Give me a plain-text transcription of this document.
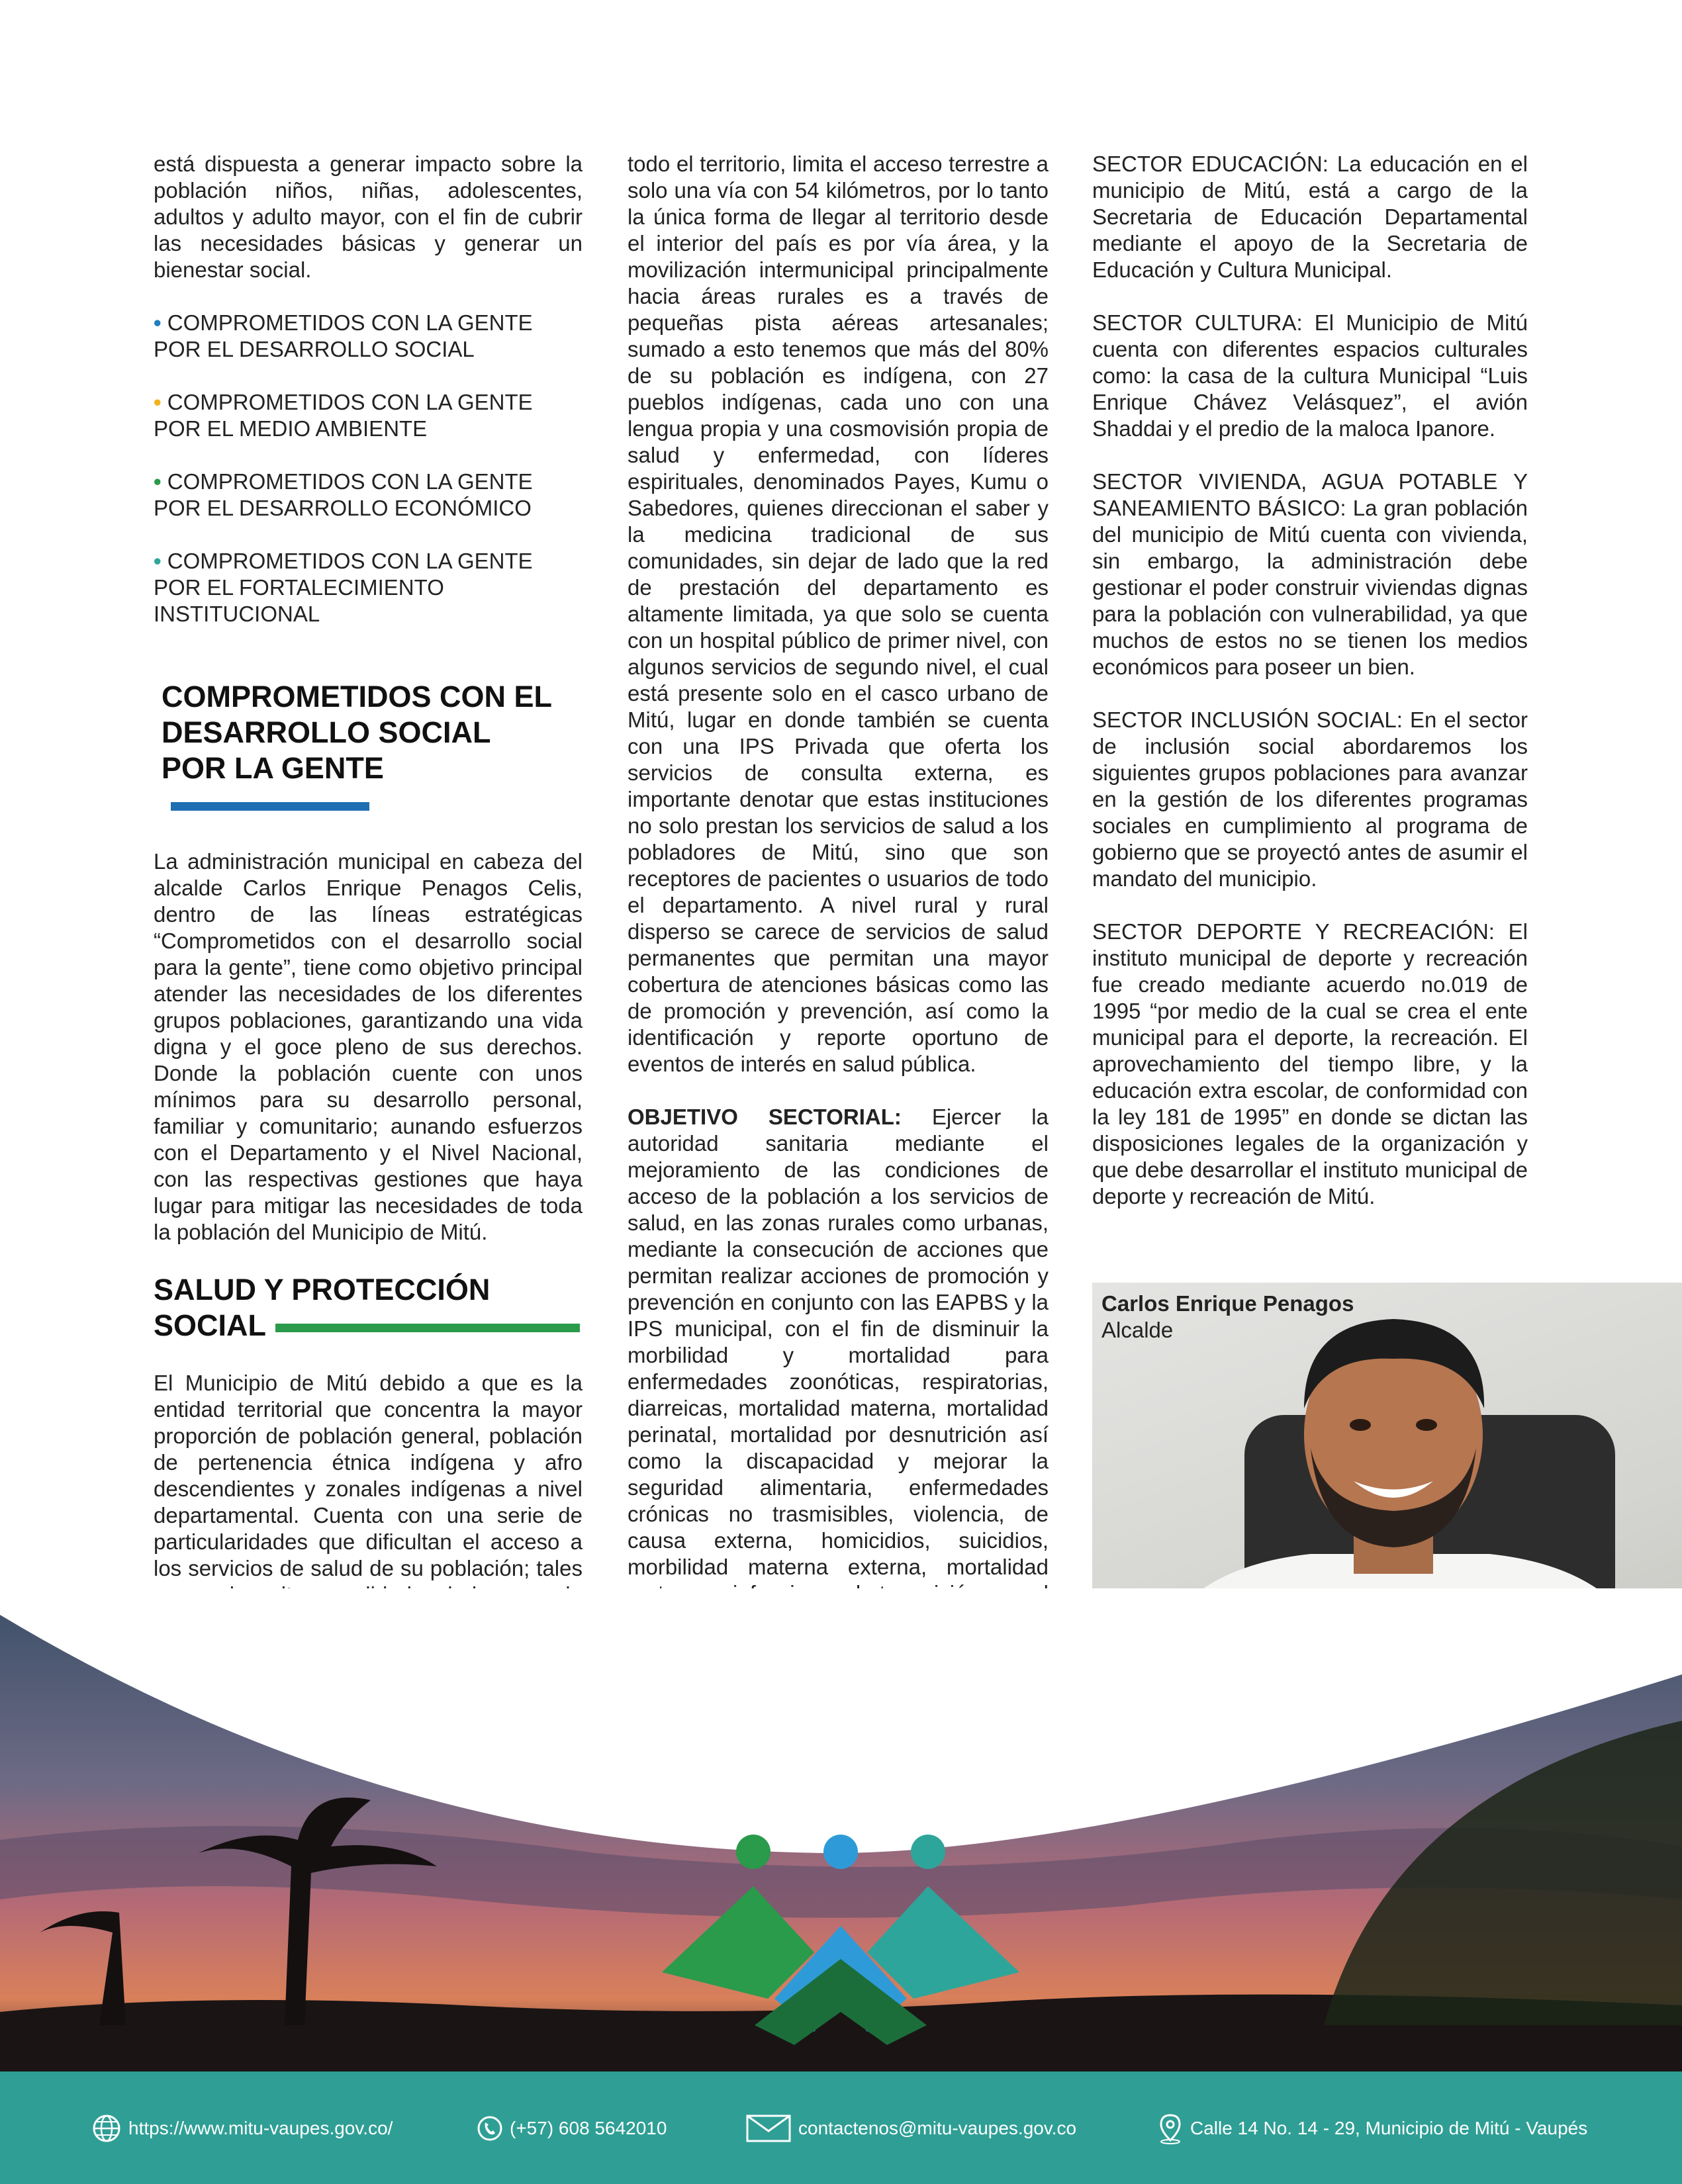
está dispuesta a generar impacto sobre la población niños, niñas, adolescentes, adultos y adulto mayor, con el fin de cubrir las necesidades básicas y generar un bienestar social.

• COMPROMETIDOS CON LA GENTE POR EL DESARROLLO SOCIAL
• COMPROMETIDOS CON LA GENTE POR EL MEDIO AMBIENTE
• COMPROMETIDOS CON LA GENTE POR EL DESARROLLO ECONÓMICO
• COMPROMETIDOS CON LA GENTE POR EL FORTALECIMIENTO INSTITUCIONAL
COMPROMETIDOS CON EL
DESARROLLO SOCIAL
POR LA GENTE

La administración municipal en cabeza del alcalde Carlos Enrique Penagos Celis, dentro de las líneas estratégicas “Comprometidos con el desarrollo social para la gente”, tiene como objetivo principal atender las necesidades de los diferentes grupos poblaciones, garantizando una vida digna y el goce pleno de sus derechos. Donde la población cuente con unos mínimos para su desarrollo personal, familiar y comunitario; aunando esfuerzos con el Departamento y el Nivel Nacional, con las respectivas gestiones que haya lugar para mitigar las necesidades de toda la población del Municipio de Mitú.

SALUD Y PROTECCIÓN
SOCIAL

El Municipio de Mitú debido a que es la entidad territorial que concentra la mayor proporción de población general, población de pertenencia étnica indígena y afro descendientes y zonales indígenas a nivel departamental. Cuenta con una serie de particularidades que dificultan el acceso a los servicios de salud de su población; tales

todo el territorio, limita el acceso terrestre a solo una vía con 54 kilómetros, por lo tanto la única forma de llegar al territorio desde el interior del país es por vía área, y la movilización intermunicipal principalmente hacia áreas rurales es a través de pequeñas pista aéreas artesanales; sumado a esto tenemos que más del 80% de su población es indígena, con 27 pueblos indígenas, cada uno con una lengua propia y una cosmovisión propia de salud y enfermedad, con líderes espirituales, denominados Payes, Kumu o Sabedores, quienes direccionan el saber y la medicina tradicional de sus comunidades, sin dejar de lado que la red de prestación del departamento es altamente limitada, ya que solo se cuenta con un hospital público de primer nivel, con algunos servicios de segundo nivel, el cual está presente solo en el casco urbano de Mitú, lugar en donde también se cuenta con una IPS Privada que oferta los servicios de consulta externa, es importante denotar que estas instituciones no solo prestan los servicios de salud a los pobladores de Mitú, sino que son receptores de pacientes o usuarios de todo el departamento. A nivel rural y rural disperso se carece de servicios de salud permanentes que permitan una mayor cobertura de atenciones básicas como las de promoción y prevención, así como la identificación y reporte oportuno de eventos de interés en salud pública.

OBJETIVO SECTORIAL: Ejercer la autoridad sanitaria mediante el mejoramiento de las condiciones de acceso de la población a los servicios de salud, en las zonas rurales como urbanas, mediante la consecución de acciones que permitan realizar acciones de promoción y prevención en conjunto con las EAPBS y la IPS municipal, con el fin de disminuir la morbilidad y mortalidad para enfermedades zoonóticas, respiratorias, diarreicas, mortalidad materna, mortalidad perinatal, mortalidad por desnutrición así como la discapacidad y mejorar la seguridad alimentaria, enfermedades crónicas no trasmisibles, violencia, de causa externa, homicidios, suicidios, morbilidad materna externa, mortalidad

SECTOR EDUCACIÓN: La educación en el municipio de Mitú, está a cargo de la Secretaria de Educación Departamental mediante el apoyo de la Secretaria de Educación y Cultura Municipal.

SECTOR CULTURA: El Municipio de Mitú cuenta con diferentes espacios culturales como: la casa de la cultura Municipal “Luis Enrique Chávez Velásquez”, el avión Shaddai y el predio de la maloca Ipanore.

SECTOR VIVIENDA, AGUA POTABLE Y SANEAMIENTO BÁSICO: La gran población del municipio de Mitú cuenta con vivienda, sin embargo, la administración debe gestionar el poder construir viviendas dignas para la población con vulnerabilidad, ya que muchos de estos no se tienen los medios económicos para poseer un bien.

SECTOR INCLUSIÓN SOCIAL: En el sector de inclusión social abordaremos los siguientes grupos poblaciones para avanzar en la gestión de los diferentes programas sociales en cumplimiento al programa de gobierno que se proyectó antes de asumir el mandato del municipio.

SECTOR DEPORTE Y RECREACIÓN: El instituto municipal de deporte y recreación fue creado mediante acuerdo no.019 de 1995 “por medio de la cual se crea el ente municipal para el deporte, la recreación. El aprovechamiento del tiempo libre, y la educación extra escolar, de conformidad con la ley 181 de 1995” en donde se dictan las disposiciones legales de la organización y que debe desarrollar el instituto municipal de deporte y recreación de Mitú.

Carlos Enrique Penagos
Alcalde
https://www.mitu-vaupes.gov.co/	(+57) 608 5642010	contactenos@mitu-vaupes.gov.co	Calle 14 No. 14 - 29, Municipio de Mitú - Vaupés
